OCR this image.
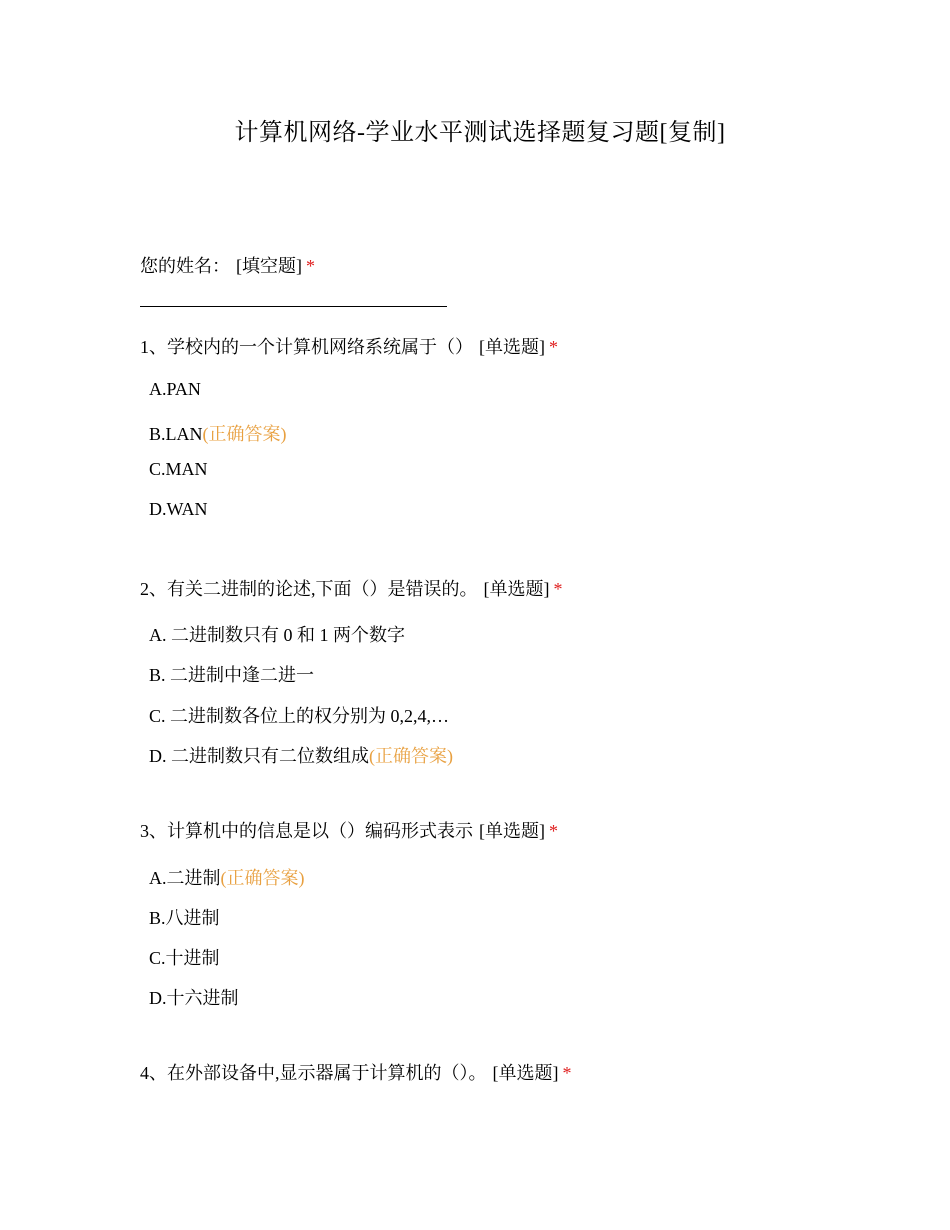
计算机网络-学业水平测试选择题复习题[复制]
您的姓名： [填空题] *
1、学校内的一个计算机网络系统属于（） [单选题] *
A.PAN
B.LAN(正确答案)
C.MAN
D.WAN
2、有关二进制的论述,下面（）是错误的。 [单选题] *
A. 二进制数只有 0 和 1 两个数字
B. 二进制中逢二进一
C. 二进制数各位上的权分别为 0,2,4,…
D. 二进制数只有二位数组成(正确答案)
3、计算机中的信息是以（）编码形式表示 [单选题] *
A.二进制(正确答案)
B.八进制
C.十进制
D.十六进制
4、在外部设备中,显示器属于计算机的（）。 [单选题] *
